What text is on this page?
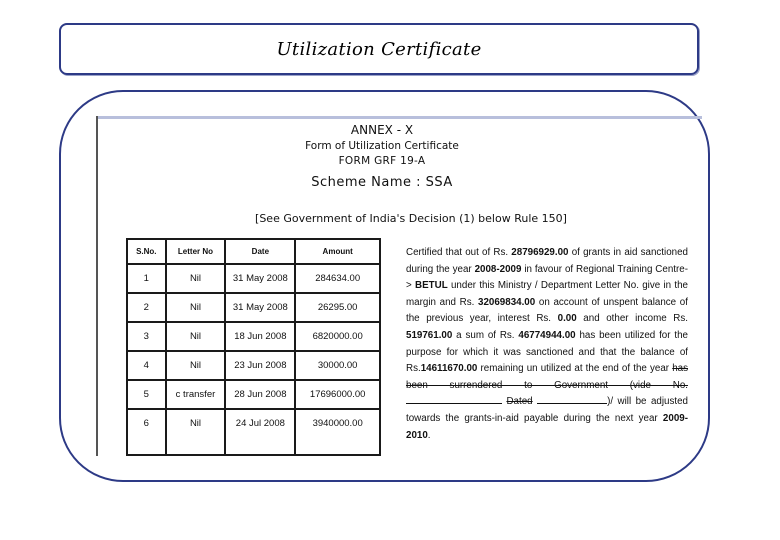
Utilization Certificate
ANNEX - X
Form of Utilization Certificate
FORM GRF 19-A
Scheme Name : SSA
[See Government of India's Decision (1) below Rule 150]
S.No.	Letter No	Date	Amount
1	Nil	31 May 2008	284634.00
2	Nil	31 May 2008	26295.00
3	Nil	18 Jun 2008	6820000.00
4	Nil	23 Jun 2008	30000.00
5	c transfer	28 Jun 2008	17696000.00
6	Nil	24 Jul 2008	3940000.00
Certified that out of Rs. 28796929.00 of grants in aid sanctioned during the year 2008-2009 in favour of Regional Training Centre-> BETUL under this Ministry / Department Letter No. give in the margin and Rs. 32069834.00 on account of unspent balance of the previous year, interest Rs. 0.00 and other income Rs. 519761.00 a sum of Rs. 46774944.00 has been utilized for the purpose for which it was sanctioned and that the balance of Rs.14611670.00 remaining un utilized at the end of the year has been surrendered to Government (vide No.  Dated	)/ will be adjusted towards the grants-in-aid payable during the next year 2009-2010.
